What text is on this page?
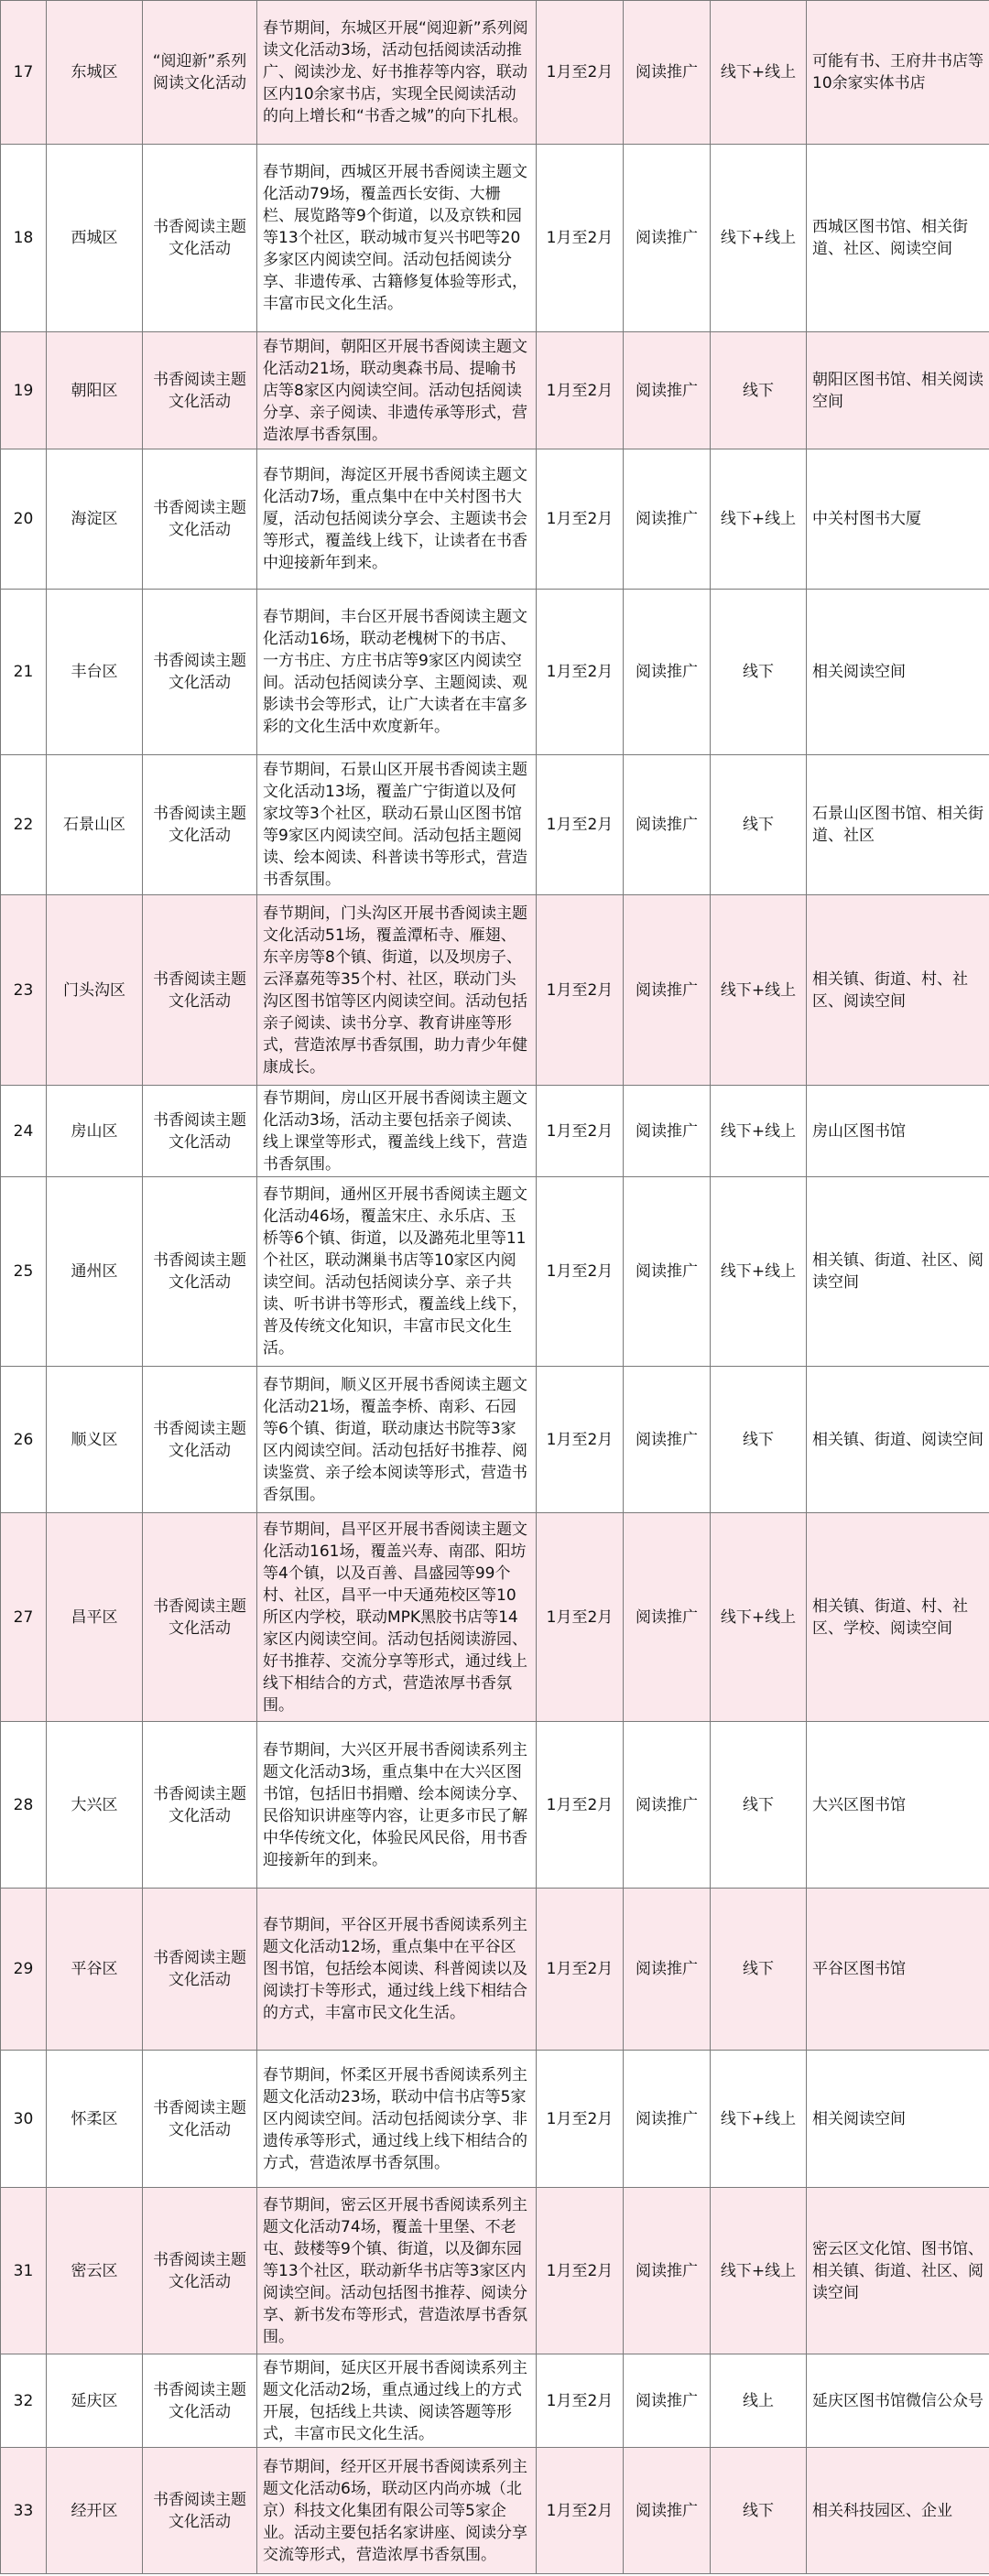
17	东城区	“阅迎新”系列阅读文化活动	春节期间，东城区开展“阅迎新”系列阅读文化活动3场，活动包括阅读活动推广、阅读沙龙、好书推荐等内容，联动区内10余家书店，实现全民阅读活动的向上增长和“书香之城”的向下扎根。	1月至2月	阅读推广	线下+线上	可能有书、王府井书店等10余家实体书店
18	西城区	书香阅读主题文化活动	春节期间，西城区开展书香阅读主题文化活动79场，覆盖西长安街、大栅栏、展览路等9个街道，以及京铁和园等13个社区，联动城市复兴书吧等20多家区内阅读空间。活动包括阅读分享、非遗传承、古籍修复体验等形式，丰富市民文化生活。	1月至2月	阅读推广	线下+线上	西城区图书馆、相关街道、社区、阅读空间
19	朝阳区	书香阅读主题文化活动	春节期间，朝阳区开展书香阅读主题文化活动21场，联动奥森书局、提喻书店等8家区内阅读空间。活动包括阅读分享、亲子阅读、非遗传承等形式，营造浓厚书香氛围。	1月至2月	阅读推广	线下	朝阳区图书馆、相关阅读空间
20	海淀区	书香阅读主题文化活动	春节期间，海淀区开展书香阅读主题文化活动7场，重点集中在中关村图书大厦，活动包括阅读分享会、主题读书会等形式，覆盖线上线下，让读者在书香中迎接新年到来。	1月至2月	阅读推广	线下+线上	中关村图书大厦
21	丰台区	书香阅读主题文化活动	春节期间，丰台区开展书香阅读主题文化活动16场，联动老槐树下的书店、一方书庄、方庄书店等9家区内阅读空间。活动包括阅读分享、主题阅读、观影读书会等形式，让广大读者在丰富多彩的文化生活中欢度新年。	1月至2月	阅读推广	线下	相关阅读空间
22	石景山区	书香阅读主题文化活动	春节期间，石景山区开展书香阅读主题文化活动13场，覆盖广宁街道以及何家坟等3个社区，联动石景山区图书馆等9家区内阅读空间。活动包括主题阅读、绘本阅读、科普读书等形式，营造书香氛围。	1月至2月	阅读推广	线下	石景山区图书馆、相关街道、社区
23	门头沟区	书香阅读主题文化活动	春节期间，门头沟区开展书香阅读主题文化活动51场，覆盖潭柘寺、雁翅、东辛房等8个镇、街道，以及坝房子、云泽嘉苑等35个村、社区，联动门头沟区图书馆等区内阅读空间。活动包括亲子阅读、读书分享、教育讲座等形式，营造浓厚书香氛围，助力青少年健康成长。	1月至2月	阅读推广	线下+线上	相关镇、街道、村、社区、阅读空间
24	房山区	书香阅读主题文化活动	春节期间，房山区开展书香阅读主题文化活动3场，活动主要包括亲子阅读、线上课堂等形式，覆盖线上线下，营造书香氛围。	1月至2月	阅读推广	线下+线上	房山区图书馆
25	通州区	书香阅读主题文化活动	春节期间，通州区开展书香阅读主题文化活动46场，覆盖宋庄、永乐店、玉桥等6个镇、街道，以及潞苑北里等11个社区，联动渊巢书店等10家区内阅读空间。活动包括阅读分享、亲子共读、听书讲书等形式，覆盖线上线下，普及传统文化知识，丰富市民文化生活。	1月至2月	阅读推广	线下+线上	相关镇、街道、社区、阅读空间
26	顺义区	书香阅读主题文化活动	春节期间，顺义区开展书香阅读主题文化活动21场，覆盖李桥、南彩、石园等6个镇、街道，联动康达书院等3家区内阅读空间。活动包括好书推荐、阅读鉴赏、亲子绘本阅读等形式，营造书香氛围。	1月至2月	阅读推广	线下	相关镇、街道、阅读空间
27	昌平区	书香阅读主题文化活动	春节期间，昌平区开展书香阅读主题文化活动161场，覆盖兴寿、南邵、阳坊等4个镇，以及百善、昌盛园等99个村、社区，昌平一中天通苑校区等10所区内学校，联动MPK黑胶书店等14家区内阅读空间。活动包括阅读游园、好书推荐、交流分享等形式，通过线上线下相结合的方式，营造浓厚书香氛围。	1月至2月	阅读推广	线下+线上	相关镇、街道、村、社区、学校、阅读空间
28	大兴区	书香阅读主题文化活动	春节期间，大兴区开展书香阅读系列主题文化活动3场，重点集中在大兴区图书馆，包括旧书捐赠、绘本阅读分享、民俗知识讲座等内容，让更多市民了解中华传统文化，体验民风民俗，用书香迎接新年的到来。	1月至2月	阅读推广	线下	大兴区图书馆
29	平谷区	书香阅读主题文化活动	春节期间，平谷区开展书香阅读系列主题文化活动12场，重点集中在平谷区图书馆，包括绘本阅读、科普阅读以及阅读打卡等形式，通过线上线下相结合的方式，丰富市民文化生活。	1月至2月	阅读推广	线下	平谷区图书馆
30	怀柔区	书香阅读主题文化活动	春节期间，怀柔区开展书香阅读系列主题文化活动23场，联动中信书店等5家区内阅读空间。活动包括阅读分享、非遗传承等形式，通过线上线下相结合的方式，营造浓厚书香氛围。	1月至2月	阅读推广	线下+线上	相关阅读空间
31	密云区	书香阅读主题文化活动	春节期间，密云区开展书香阅读系列主题文化活动74场，覆盖十里堡、不老屯、鼓楼等9个镇、街道，以及御东园等13个社区，联动新华书店等3家区内阅读空间。活动包括图书推荐、阅读分享、新书发布等形式，营造浓厚书香氛围。	1月至2月	阅读推广	线下+线上	密云区文化馆、图书馆、相关镇、街道、社区、阅读空间
32	延庆区	书香阅读主题文化活动	春节期间，延庆区开展书香阅读系列主题文化活动2场，重点通过线上的方式开展，包括线上共读、阅读答题等形式，丰富市民文化生活。	1月至2月	阅读推广	线上	延庆区图书馆微信公众号
33	经开区	书香阅读主题文化活动	春节期间，经开区开展书香阅读系列主题文化活动6场，联动区内尚亦城（北京）科技文化集团有限公司等5家企业。活动主要包括名家讲座、阅读分享交流等形式，营造浓厚书香氛围。	1月至2月	阅读推广	线下	相关科技园区、企业
